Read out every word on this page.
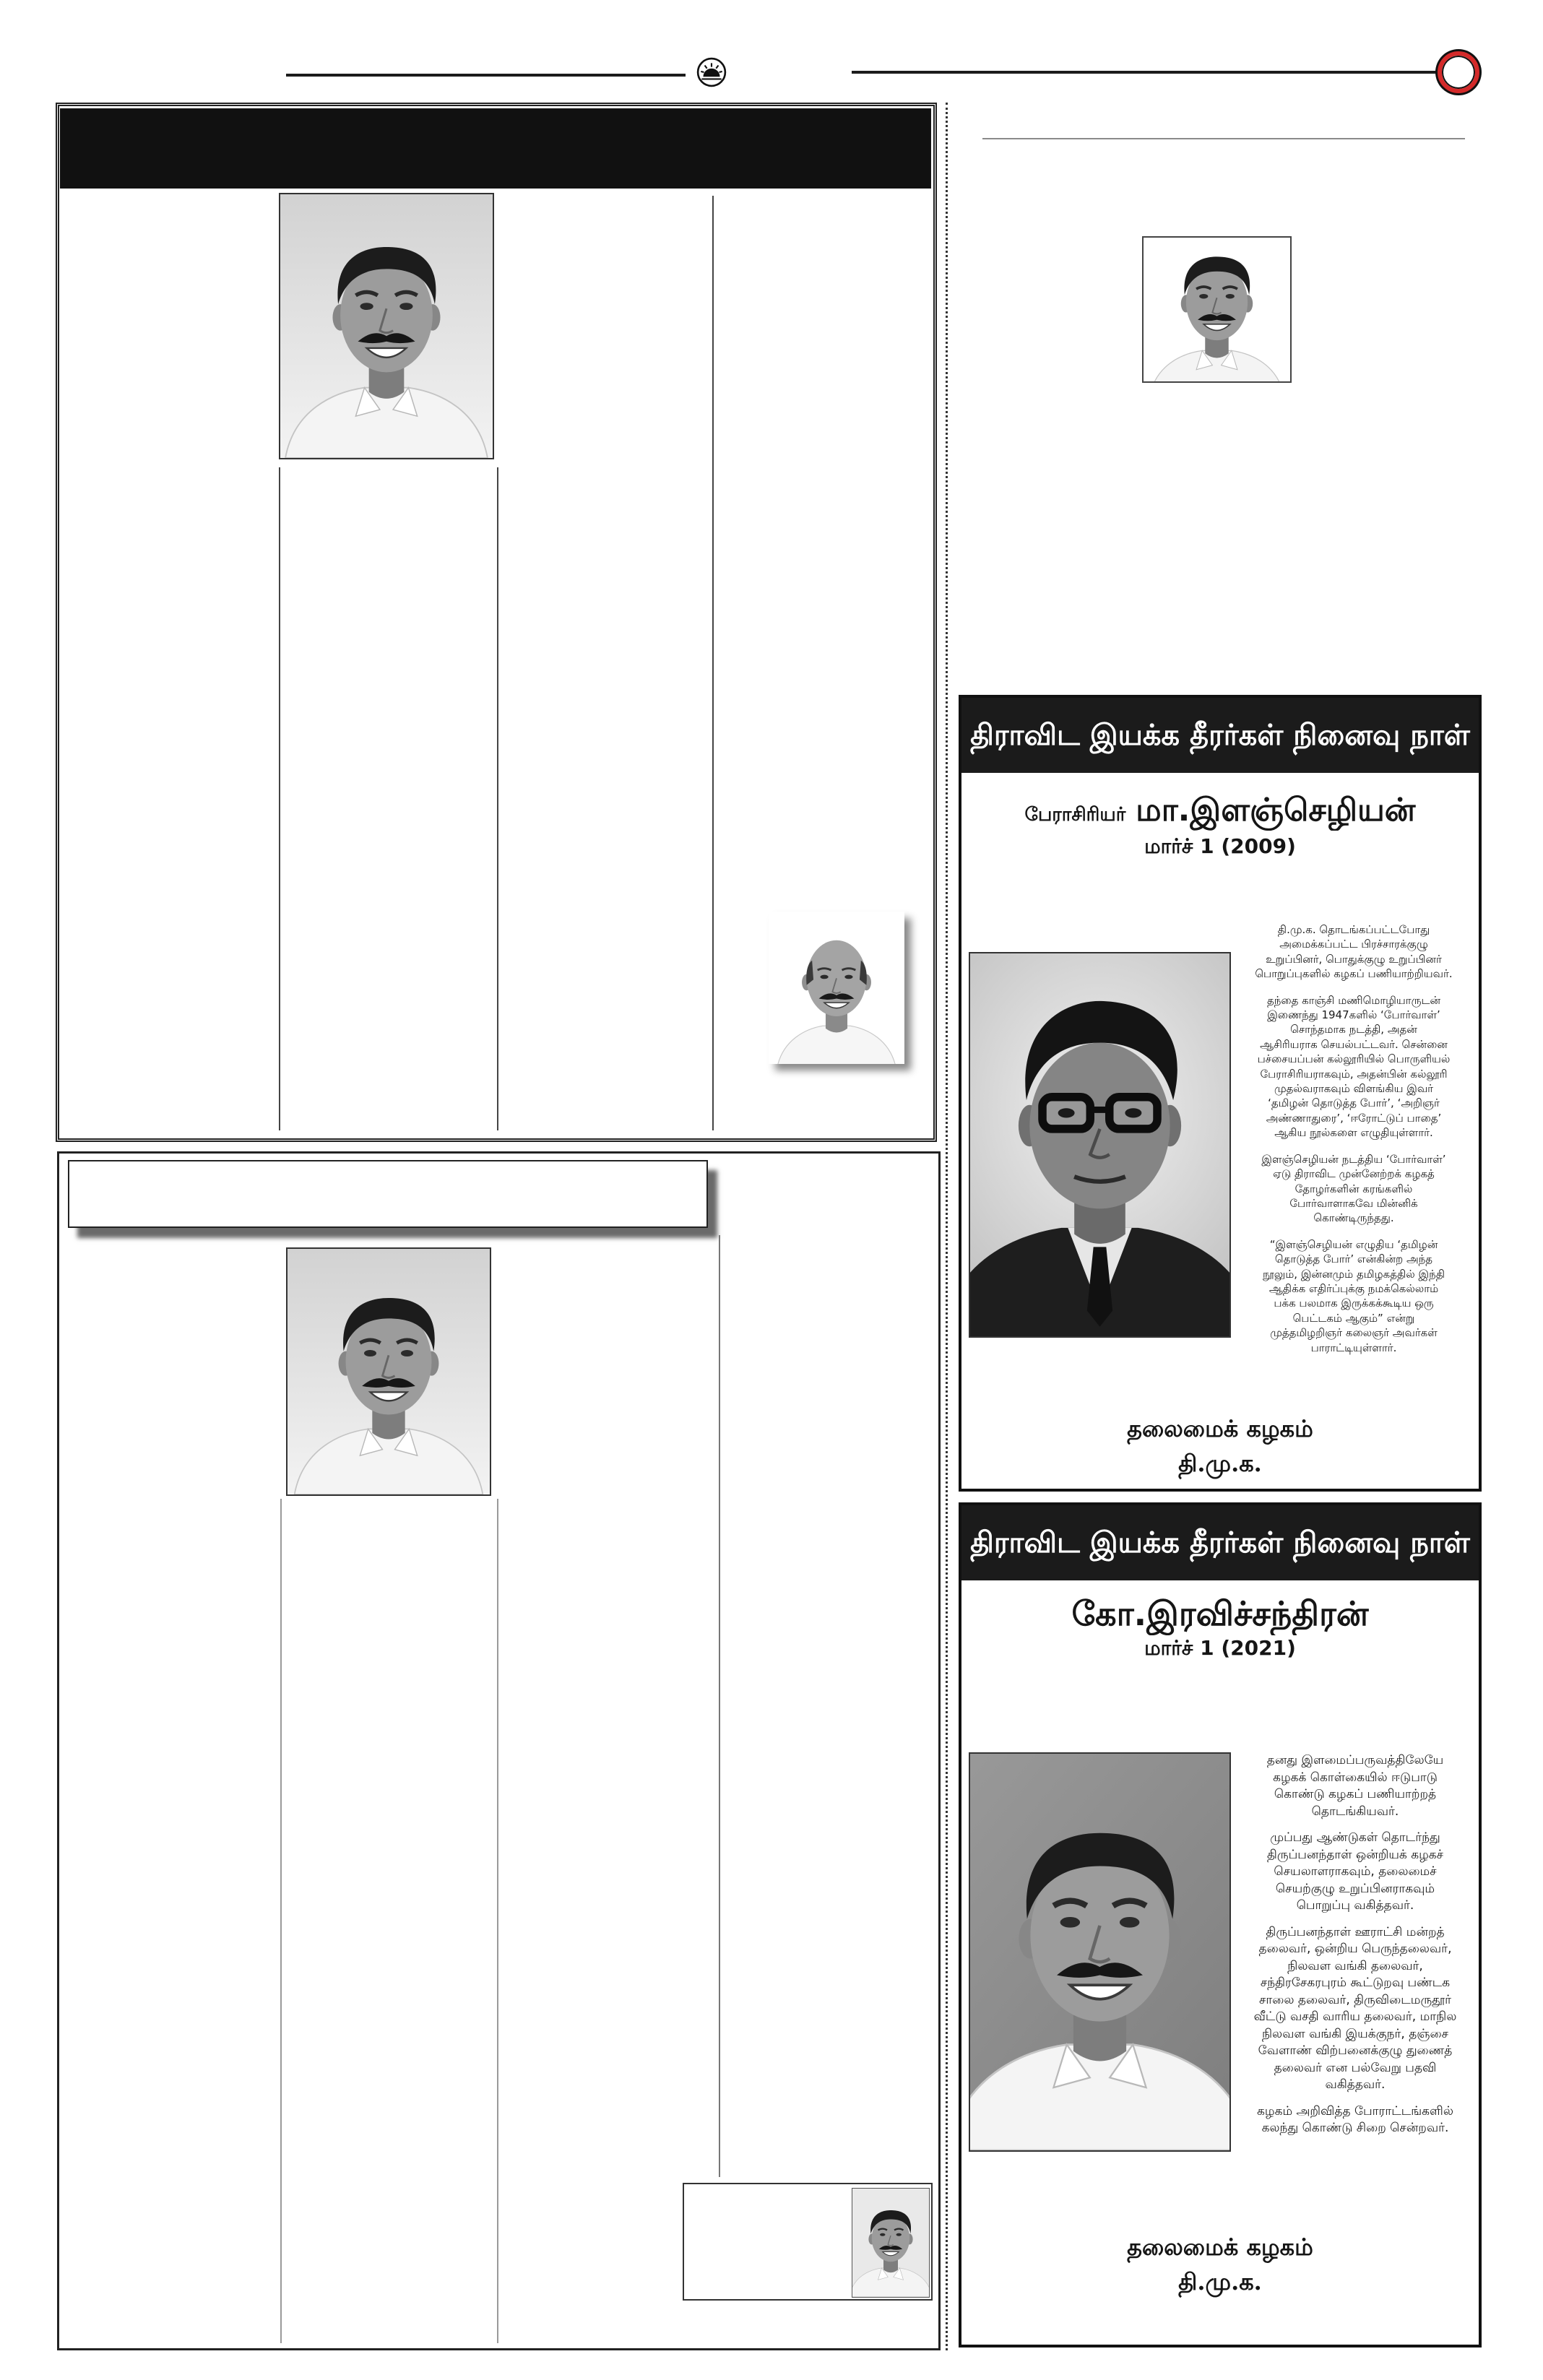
திராவிட இயக்க தீரர்கள் நினைவு நாள்
பேராசிரியர் மா.இளஞ்செழியன்
மார்ச் 1 (2009)

தி.மு.க. தொடங்கப்பட்டபோது
அமைக்கப்பட்ட பிரச்சாரக்குழு
உறுப்பினர், பொதுக்குழு உறுப்பினர்
பொறுப்புகளில் கழகப் பணியாற்றியவர்.

தந்தை காஞ்சி மணிமொழியாருடன்
இணைந்து 1947களில் ‘போர்வாள்’
சொந்தமாக நடத்தி, அதன்
ஆசிரியராக செயல்பட்டவர். சென்னை
பச்சையப்பன் கல்லூரியில் பொருளியல்
பேராசிரியராகவும், அதன்பின் கல்லூரி
முதல்வராகவும் விளங்கிய இவர்
‘தமிழன் தொடுத்த போர்’, ‘அறிஞர்
அண்ணாதுரை’, ‘ஈரோட்டுப் பாதை’
ஆகிய நூல்களை எழுதியுள்ளார்.

இளஞ்செழியன் நடத்திய ‘போர்வாள்’
ஏடு திராவிட முன்னேற்றக் கழகத்
தோழர்களின் கரங்களில்
போர்வாளாகவே மின்னிக்
கொண்டிருந்தது.

“இளஞ்செழியன் எழுதிய ‘தமிழன்
தொடுத்த போர்’ என்கின்ற அந்த
நூலும், இன்னமும் தமிழகத்தில் இந்தி
ஆதிக்க எதிர்ப்புக்கு நமக்கெல்லாம்
பக்க பலமாக இருக்கக்கூடிய ஒரு
பெட்டகம் ஆகும்” என்று
முத்தமிழறிஞர் கலைஞர் அவர்கள்
பாராட்டியுள்ளார்.

தலைமைக் கழகம்
தி.மு.க.
திராவிட இயக்க தீரர்கள் நினைவு நாள்
கோ.இரவிச்சந்திரன்
மார்ச் 1 (2021)

தனது இளமைப்பருவத்திலேயே
கழகக் கொள்கையில் ஈடுபாடு
கொண்டு கழகப் பணியாற்றத்
தொடங்கியவர்.

முப்பது ஆண்டுகள் தொடர்ந்து
திருப்பனந்தாள் ஒன்றியக் கழகச்
செயலாளராகவும், தலைமைச்
செயற்குழு உறுப்பினராகவும்
பொறுப்பு வகித்தவர்.

திருப்பனந்தாள் ஊராட்சி மன்றத்
தலைவர், ஒன்றிய பெருந்தலைவர்,
நிலவள வங்கி தலைவர்,
சந்திரசேகரபுரம் கூட்டுறவு பண்டக
சாலை தலைவர், திருவிடைமருதூர்
வீட்டு வசதி வாரிய தலைவர், மாநில
நிலவள வங்கி இயக்குநர், தஞ்சை
வேளாண் விற்பனைக்குழு துணைத்
தலைவர் என பல்வேறு பதவி
வகித்தவர்.

கழகம் அறிவித்த போராட்டங்களில்
கலந்து கொண்டு சிறை சென்றவர்.

தலைமைக் கழகம்
தி.மு.க.
